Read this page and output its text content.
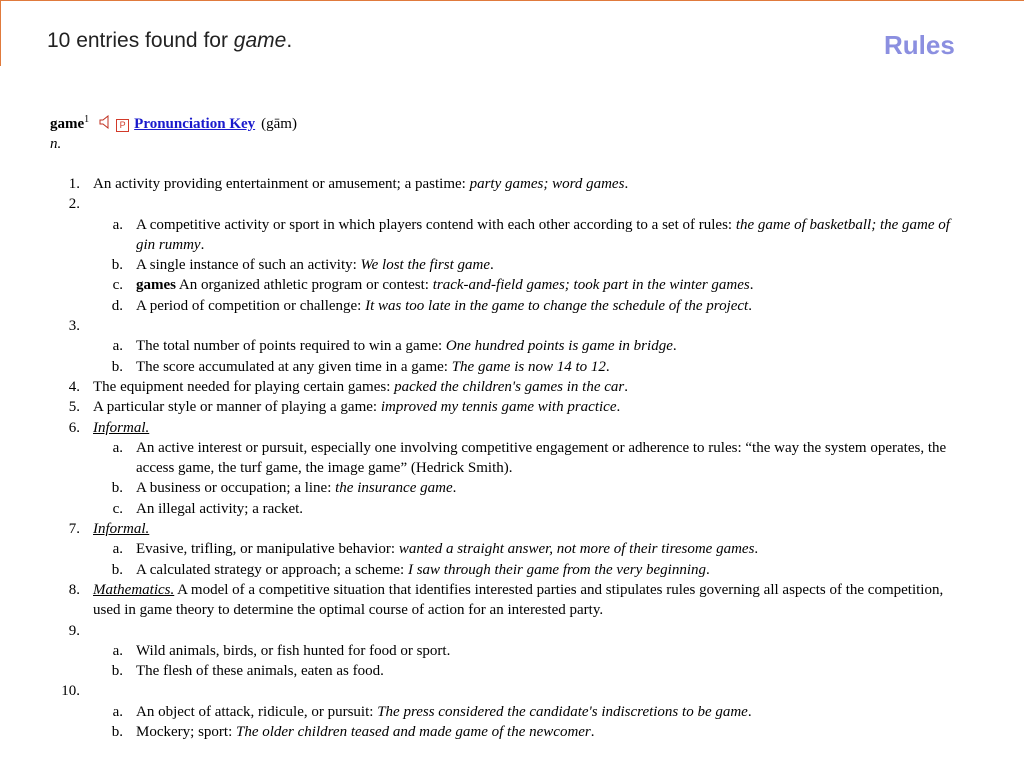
10 entries found for game.	Rules
game$^1$	P Pronunciation Key (gām)
n.
1. An activity providing entertainment or amusement; a pastime: party games; word games.
2.

a. A competitive activity or sport in which players contend with each other according to a set of rules: the game of basketball; the game of gin rummy.
b. A single instance of such an activity: We lost the first game.
c. games An organized athletic program or contest: track-and-field games; took part in the winter games.
d. A period of competition or challenge: It was too late in the game to change the schedule of the project.
3.

a. The total number of points required to win a game: One hundred points is game in bridge.
b. The score accumulated at any given time in a game: The game is now 14 to 12.
4. The equipment needed for playing certain games: packed the children's games in the car.
5. A particular style or manner of playing a game: improved my tennis game with practice.
6. Informal.
a. An active interest or pursuit, especially one involving competitive engagement or adherence to rules: “the way the system operates, the access game, the turf game, the image game” (Hedrick Smith).
b. A business or occupation; a line: the insurance game.
c. An illegal activity; a racket.
7. Informal.
a. Evasive, trifling, or manipulative behavior: wanted a straight answer, not more of their tiresome games.
b. A calculated strategy or approach; a scheme: I saw through their game from the very beginning.
8. Mathematics. A model of a competitive situation that identifies interested parties and stipulates rules governing all aspects of the competition, used in game theory to determine the optimal course of action for an interested party.
9.

a. Wild animals, birds, or fish hunted for food or sport.
b. The flesh of these animals, eaten as food.
10.

a. An object of attack, ridicule, or pursuit: The press considered the candidate's indiscretions to be game.
b. Mockery; sport: The older children teased and made game of the newcomer.
